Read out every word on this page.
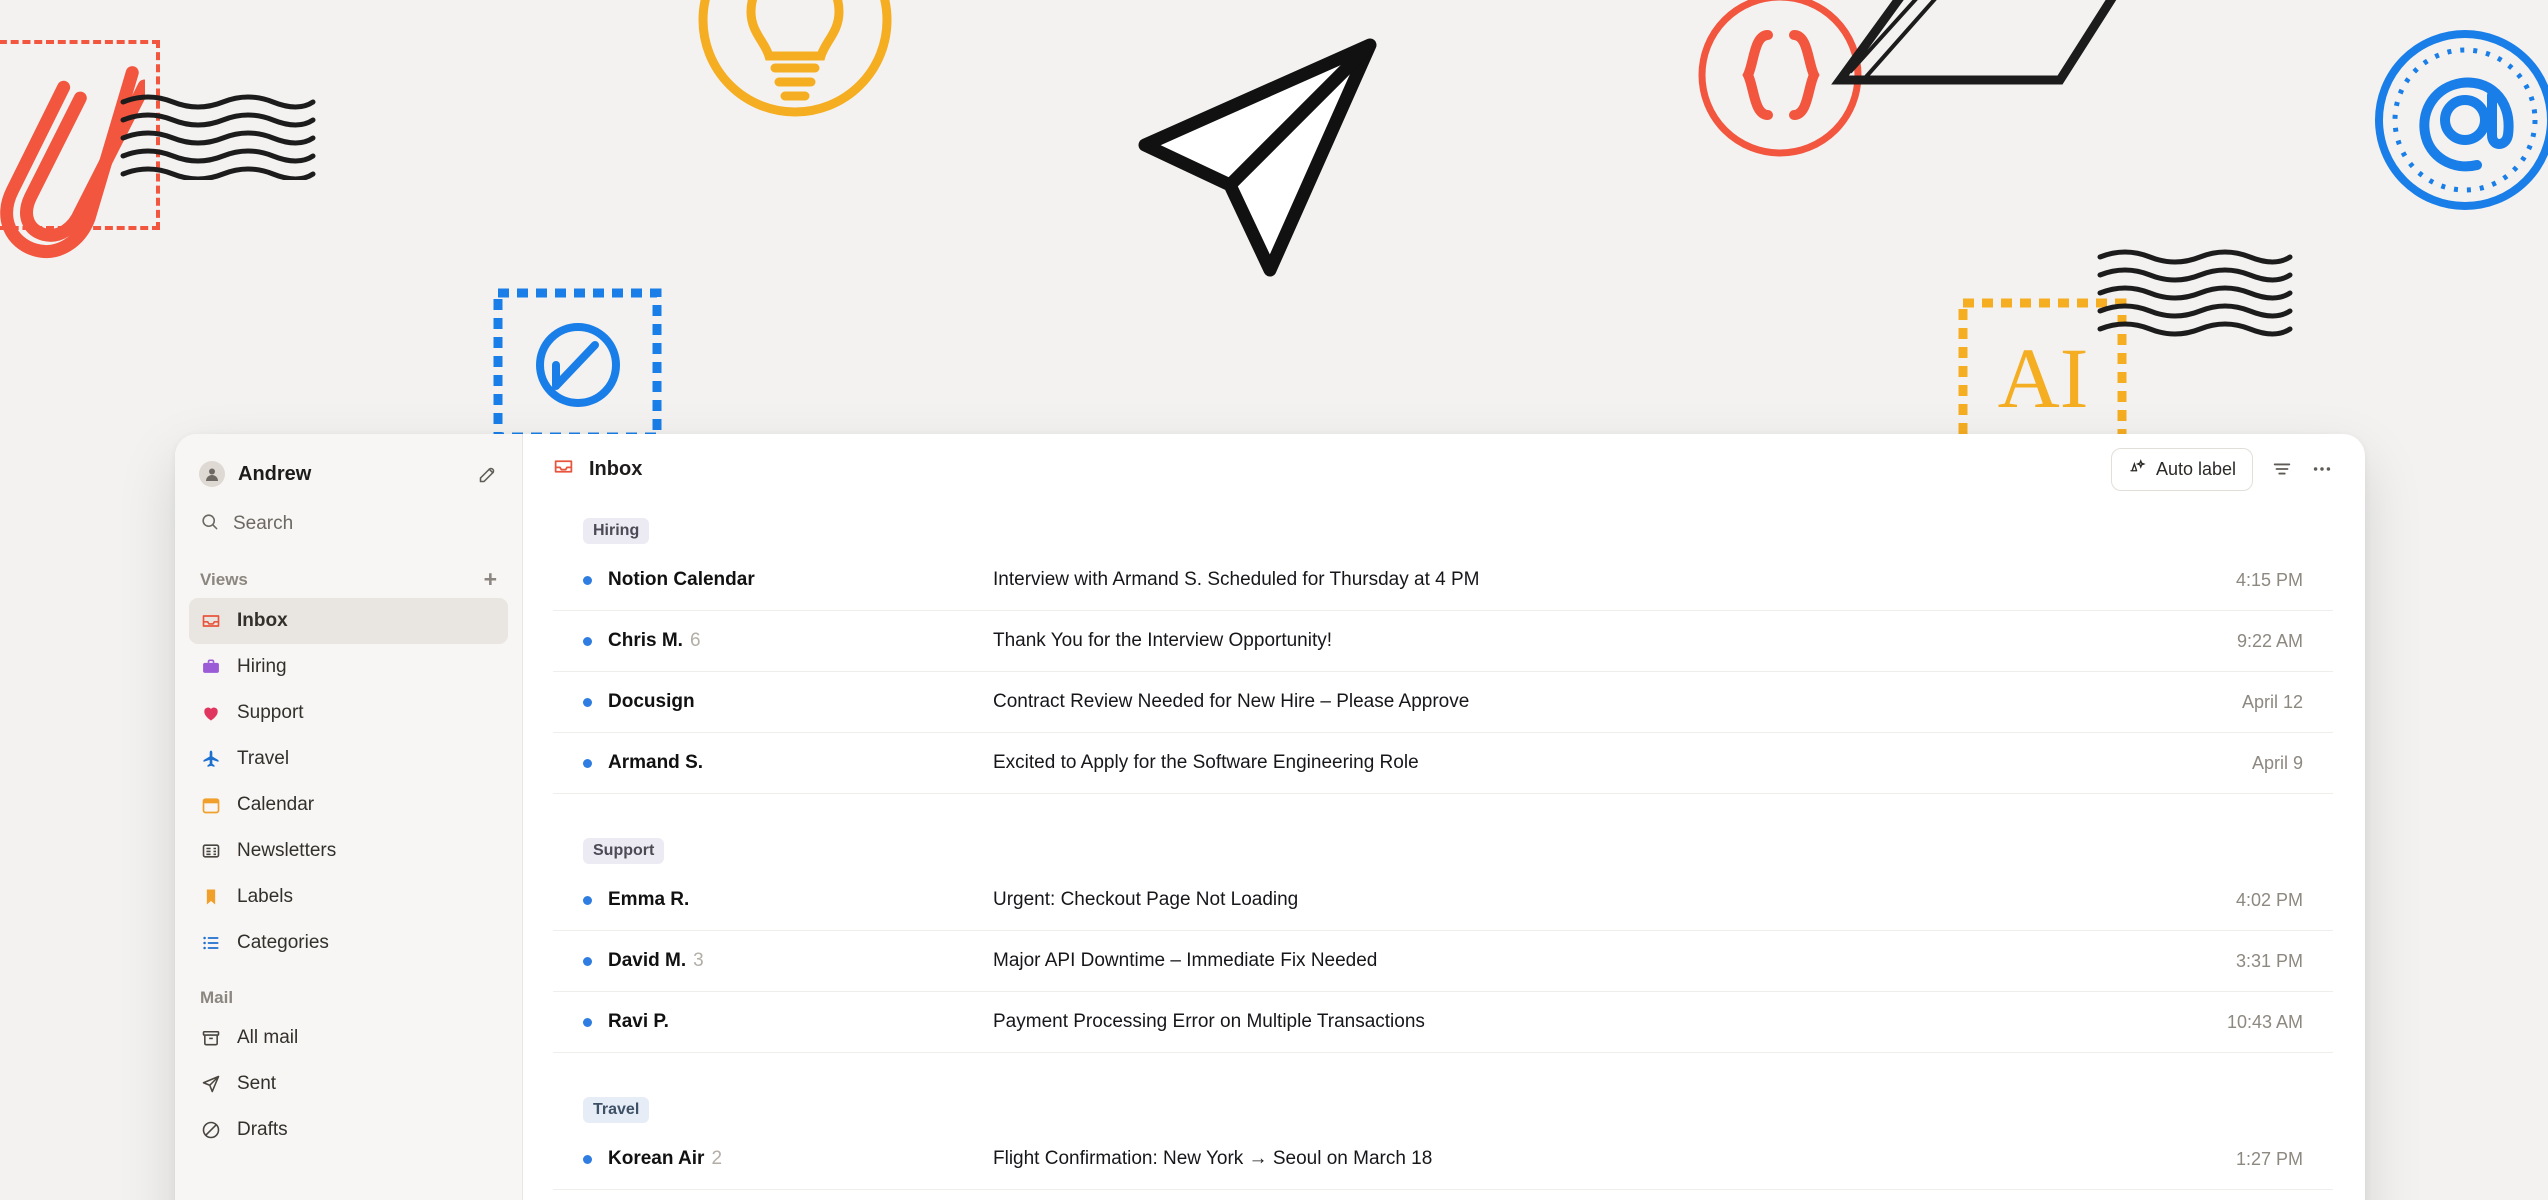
AI
Andrew
Search
Views	+
Inbox
Hiring
Support
Travel
Calendar
Newsletters
Labels
Categories
Mail
All mail
Sent
Drafts
Inbox	Auto label
Hiring
Notion Calendar	Interview with Armand S. Scheduled for Thursday at 4 PM	4:15 PM
Chris M. 6	Thank You for the Interview Opportunity!	9:22 AM
Docusign	Contract Review Needed for New Hire – Please Approve	April 12
Armand S.	Excited to Apply for the Software Engineering Role	April 9
Support
Emma R.	Urgent: Checkout Page Not Loading	4:02 PM
David M. 3	Major API Downtime – Immediate Fix Needed	3:31 PM
Ravi P.	Payment Processing Error on Multiple Transactions	10:43 AM
Travel
Korean Air 2	Flight Confirmation: New York → Seoul on March 18	1:27 PM
